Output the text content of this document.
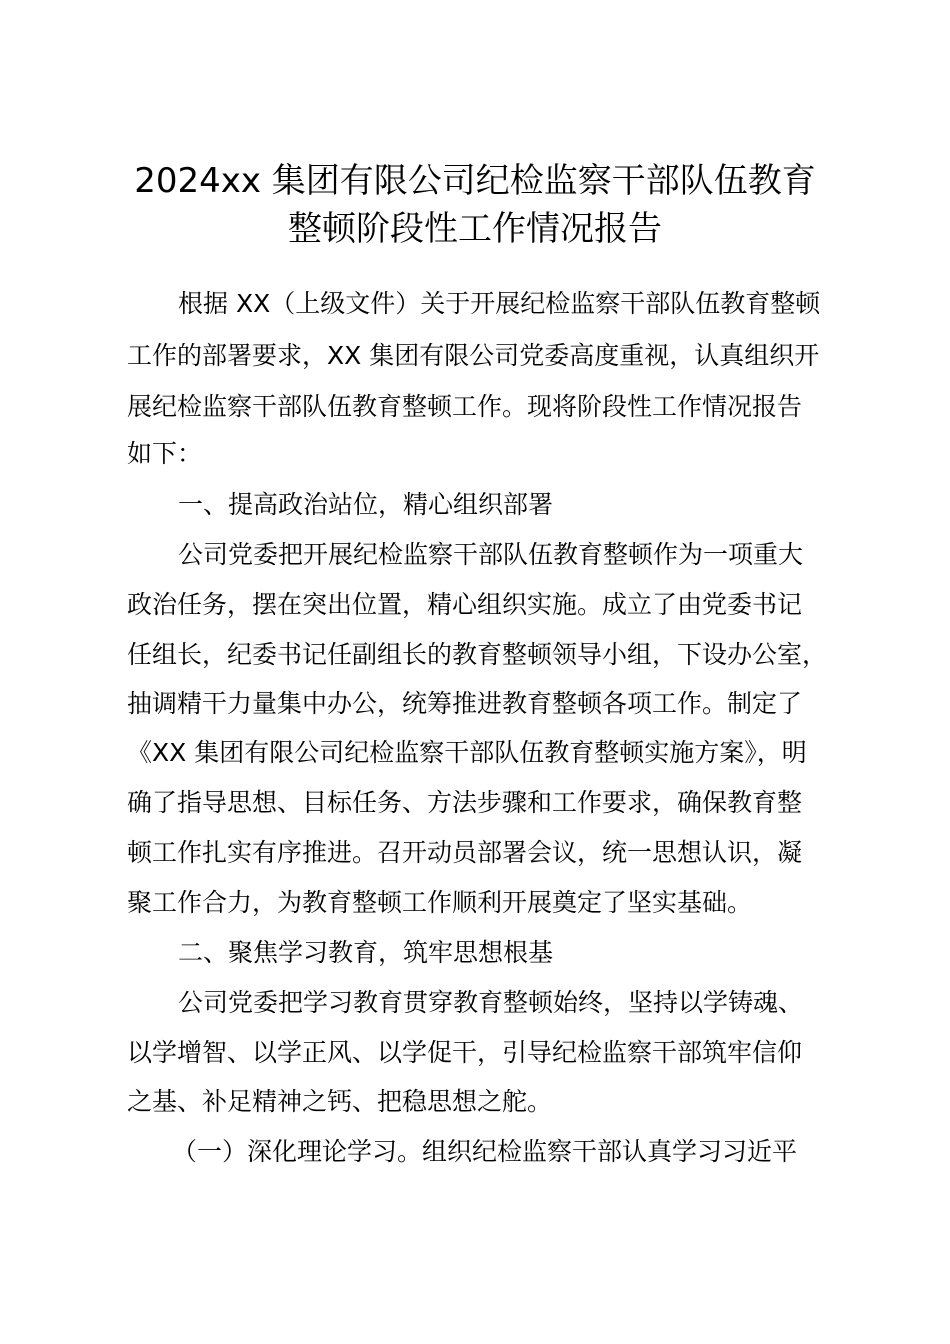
2024xx 集团有限公司纪检监察干部队伍教育
整顿阶段性工作情况报告
根据 XX（上级文件）关于开展纪检监察干部队伍教育整顿
工作的部署要求，XX 集团有限公司党委高度重视，认真组织开
展纪检监察干部队伍教育整顿工作。现将阶段性工作情况报告
如下：
一、提高政治站位，精心组织部署
公司党委把开展纪检监察干部队伍教育整顿作为一项重大
政治任务，摆在突出位置，精心组织实施。成立了由党委书记
任组长，纪委书记任副组长的教育整顿领导小组，下设办公室，
抽调精干力量集中办公，统筹推进教育整顿各项工作。制定了
《XX 集团有限公司纪检监察干部队伍教育整顿实施方案》，明
确了指导思想、目标任务、方法步骤和工作要求，确保教育整
顿工作扎实有序推进。召开动员部署会议，统一思想认识，凝
聚工作合力，为教育整顿工作顺利开展奠定了坚实基础。
二、聚焦学习教育，筑牢思想根基
公司党委把学习教育贯穿教育整顿始终，坚持以学铸魂、
以学增智、以学正风、以学促干，引导纪检监察干部筑牢信仰
之基、补足精神之钙、把稳思想之舵。
（一）深化理论学习。组织纪检监察干部认真学习习近平
